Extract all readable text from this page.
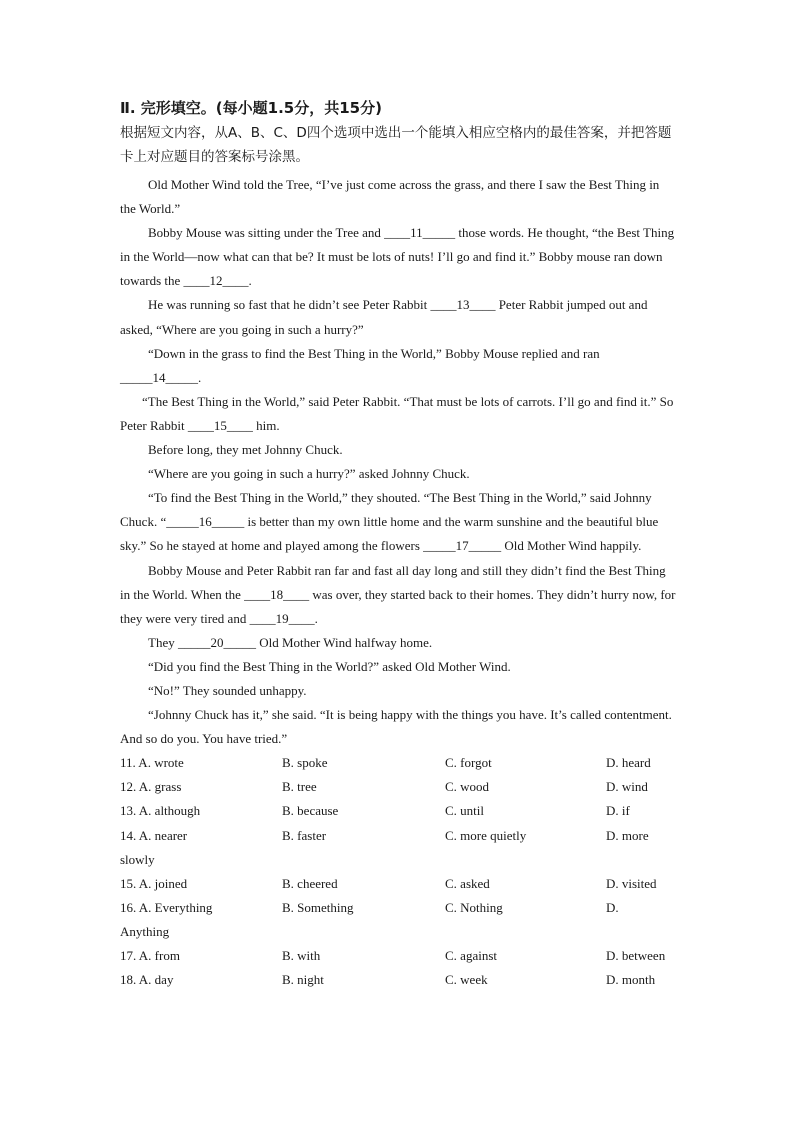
Ⅱ. 完形填空。(每小题1.5分，共15分)

根据短文内容，从A、B、C、D四个选项中选出一个能填入相应空格内的最佳答案，并把答题卡上对应题目的答案标号涂黑。

Old Mother Wind told the Tree, “I’ve just come across the grass, and there I saw the Best Thing in the World.”

Bobby Mouse was sitting under the Tree and ____11_____ those words. He thought, “the Best Thing in the World—now what can that be? It must be lots of nuts! I’ll go and find it.” Bobby mouse ran down towards the ____12____.

He was running so fast that he didn’t see Peter Rabbit ____13____ Peter Rabbit jumped out and asked, “Where are you going in such a hurry?”

“Down in the grass to find the Best Thing in the World,” Bobby Mouse replied and ran _____14_____.

“The Best Thing in the World,” said Peter Rabbit. “That must be lots of carrots. I’ll go and find it.” So Peter Rabbit ____15____ him.

Before long, they met Johnny Chuck.

“Where are you going in such a hurry?” asked Johnny Chuck.

“To find the Best Thing in the World,” they shouted. “The Best Thing in the World,” said Johnny Chuck. “_____16_____ is better than my own little home and the warm sunshine and the beautiful blue sky.” So he stayed at home and played among the flowers _____17_____ Old Mother Wind happily.

Bobby Mouse and Peter Rabbit ran far and fast all day long and still they didn’t find the Best Thing in the World. When the ____18____ was over, they started back to their homes. They didn’t hurry now, for they were very tired and ____19____.

They _____20_____ Old Mother Wind halfway home.

“Did you find the Best Thing in the World?” asked Old Mother Wind.

“No!” They sounded unhappy.

“Johnny Chuck has it,” she said. “It is being happy with the things you have. It’s called contentment. And so do you. You have tried.”

11. A. wrote	B. spoke	C. forgot	D. heard
12. A. grass	B. tree	C. wood	D. wind
13. A. although	B. because	C. until	D. if
14. A. nearer	B. faster	C. more quietly	D. more
slowly
15. A. joined	B. cheered	C. asked	D. visited
16. A. Everything	B. Something	C. Nothing	D.
Anything
17. A. from	B. with	C. against	D. between
18. A. day	B. night	C. week	D. month
